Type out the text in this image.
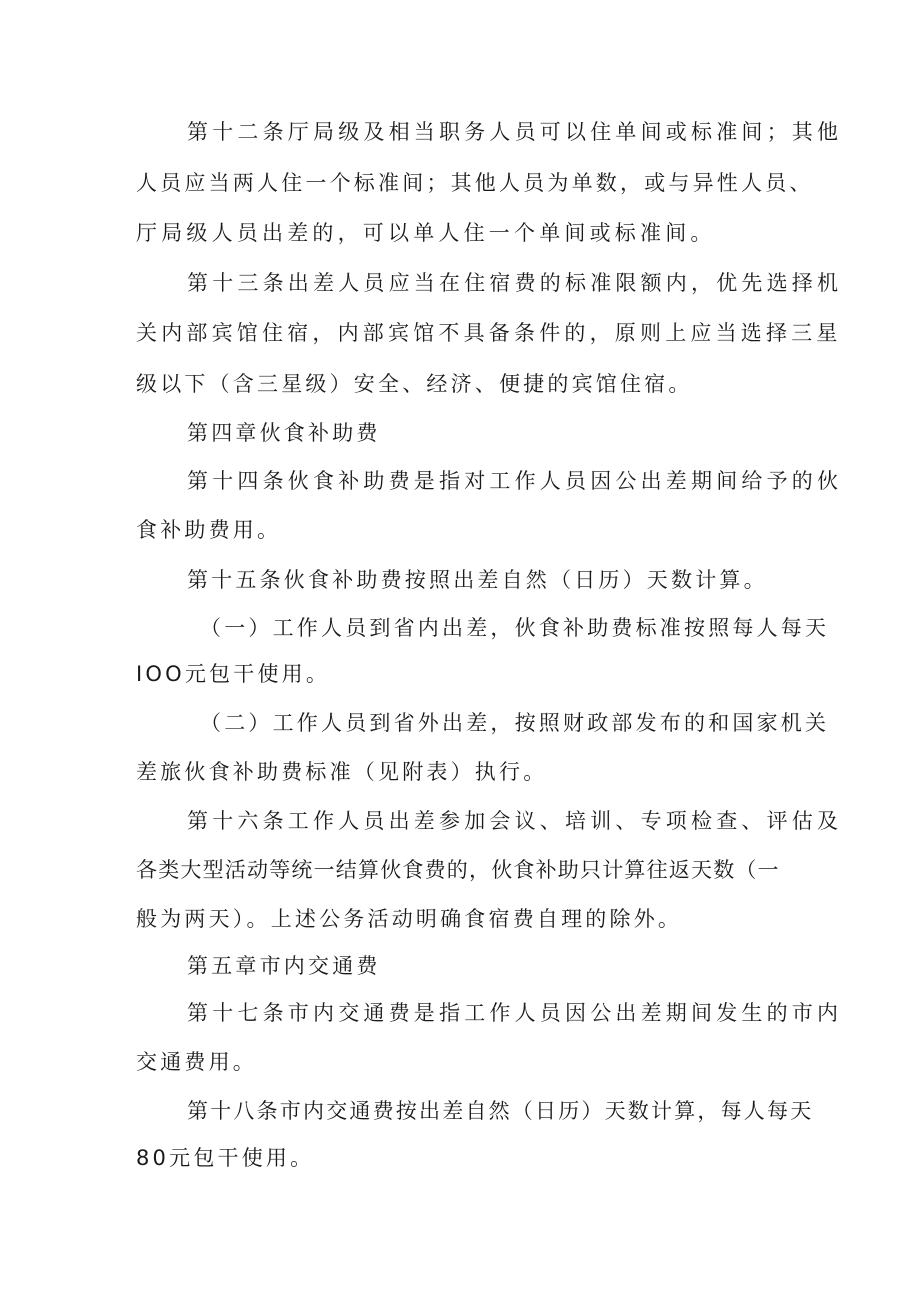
第十二条厅局级及相当职务人员可以住单间或标准间；其他

人员应当两人住一个标准间；其他人员为单数，或与异性人员、

厅局级人员出差的，可以单人住一个单间或标准间。

第十三条出差人员应当在住宿费的标准限额内，优先选择机

关内部宾馆住宿，内部宾馆不具备条件的，原则上应当选择三星

级以下（含三星级）安全、经济、便捷的宾馆住宿。

第四章伙食补助费

第十四条伙食补助费是指对工作人员因公出差期间给予的伙

食补助费用。

第十五条伙食补助费按照出差自然（日历）天数计算。

（一）工作人员到省内出差，伙食补助费标准按照每人每天

IOO元包干使用。

（二）工作人员到省外出差，按照财政部发布的和国家机关

差旅伙食补助费标准（见附表）执行。

第十六条工作人员出差参加会议、培训、专项检查、评估及

各类大型活动等统一结算伙食费的，伙食补助只计算往返天数（一

般为两天）。上述公务活动明确食宿费自理的除外。

第五章市内交通费

第十七条市内交通费是指工作人员因公出差期间发生的市内

交通费用。

第十八条市内交通费按出差自然（日历）天数计算，每人每天

80元包干使用。
